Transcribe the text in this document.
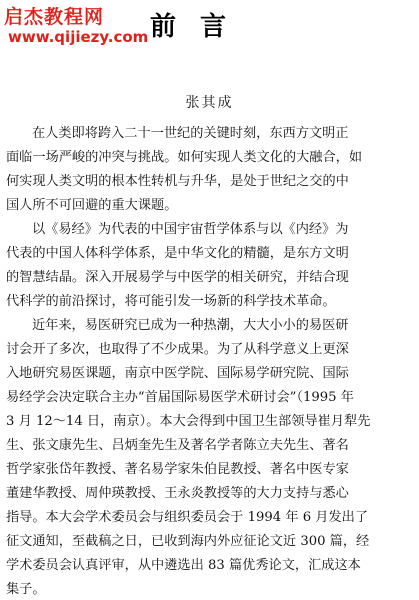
启杰教程网
www.qijiezy.com 前言
张其成
在人类即将跨入二十一世纪的关键时刻，东西方文明正
面临一场严峻的冲突与挑战。如何实现人类文化的大融合，如
何实现人类文明的根本性转机与升华，是处于世纪之交的中
国人所不可回避的重大课题。
以《易经》为代表的中国宇宙哲学体系与以《内经》为
代表的中国人体科学体系，是中华文化的精髓，是东方文明
的智慧结晶。深入开展易学与中医学的相关研究，并结合现
代科学的前沿探讨，将可能引发一场新的科学技术革命。
近年来，易医研究已成为一种热潮，大大小小的易医研
讨会开了多次，也取得了不少成果。为了从科学意义上更深
入地研究易医课题，南京中医学院、国际易学研究院、国际
易经学会决定联合主办“首届国际易医学术研讨会”（1995 年
3 月 12～14 日，南京）。本大会得到中国卫生部领导崔月犁先
生、张文康先生、吕炳奎先生及著名学者陈立夫先生、著名
哲学家张岱年教授、著名易学家朱伯昆教授、著名中医专家
董建华教授、周仲瑛教授、王永炎教授等的大力支持与悉心
指导。本大会学术委员会与组织委员会于 1994 年 6 月发出了
征文通知，至截稿之日，已收到海内外应征论文近 300 篇，经
学术委员会认真评审，从中遴选出 83 篇优秀论文，汇成这本
集子。
